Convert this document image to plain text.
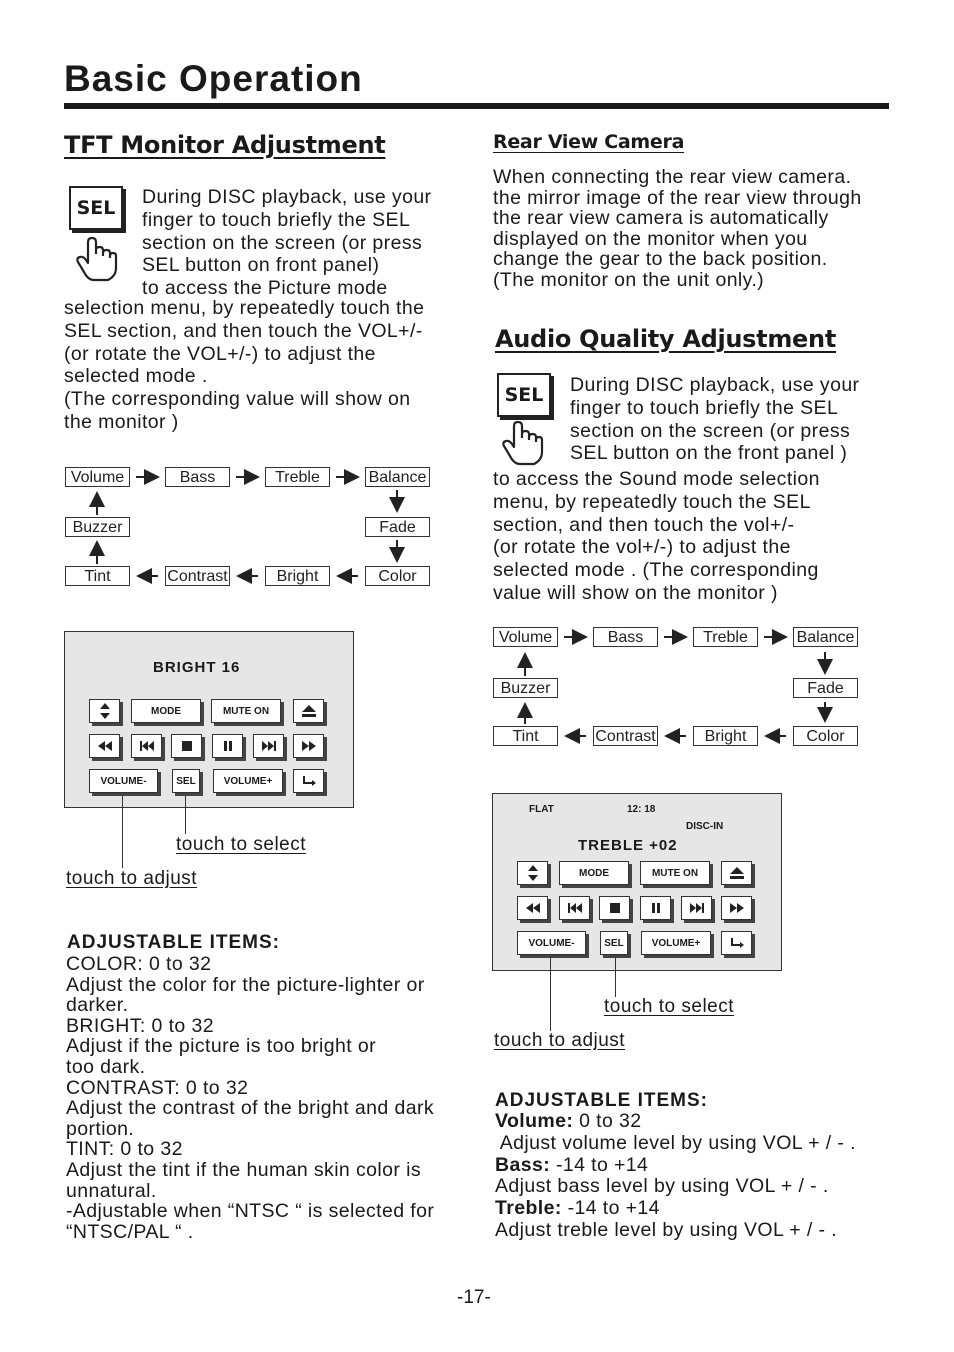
Basic Operation
TFT Monitor Adjustment
SEL During DISC playback, use your
finger to touch briefly the SEL
section on the screen (or press
SEL button on front panel)
to access the Picture mode
selection menu, by repeatedly touch the
SEL section, and then touch the VOL+/-
(or rotate the VOL+/-) to adjust the
selected mode .
(The corresponding value will show on
the monitor )
Volume	Bass	Treble	Balance
Fade
Color
Bright
Contrast
Tint
Buzzer
BRIGHT 16
MODE	MUTE ON
VOLUME-	SEL	VOLUME+
touch to select
touch to adjust
ADJUSTABLE ITEMS:
COLOR: 0 to 32
Adjust the color for the picture-lighter or
darker.
BRIGHT: 0 to 32
Adjust if the picture is too bright or
too dark.
CONTRAST: 0 to 32
Adjust the contrast of the bright and dark
portion.
TINT: 0 to 32
Adjust the tint if the human skin color is
unnatural.
-Adjustable when “NTSC “ is selected for
“NTSC/PAL “ .
Rear View Camera
When connecting the rear view camera.
the mirror image of the rear view through
the rear view camera is automatically
displayed on the monitor when you
change the gear to the back position.
(The monitor on the unit only.)
Audio Quality Adjustment
SEL During DISC playback, use your
finger to touch briefly the SEL
section on the screen (or press
SEL button on the front panel )
to access the Sound mode selection
menu, by repeatedly touch the SEL
section, and then touch the vol+/-
(or rotate the vol+/-) to adjust the
selected mode . (The corresponding
value will show on the monitor )
Volume	Bass	Treble	Balance
Fade
Color
Bright
Contrast
Tint
Buzzer
FLAT	12: 18
DISC-IN
TREBLE +02
MODE	MUTE ON
VOLUME-	SEL	VOLUME+
touch to select
touch to adjust
ADJUSTABLE ITEMS:
Volume: 0 to 32
Adjust volume level by using VOL + / - .
Bass: -14 to +14
Adjust bass level by using VOL + / - .
Treble: -14 to +14
Adjust treble level by using VOL + / - .
-17-
